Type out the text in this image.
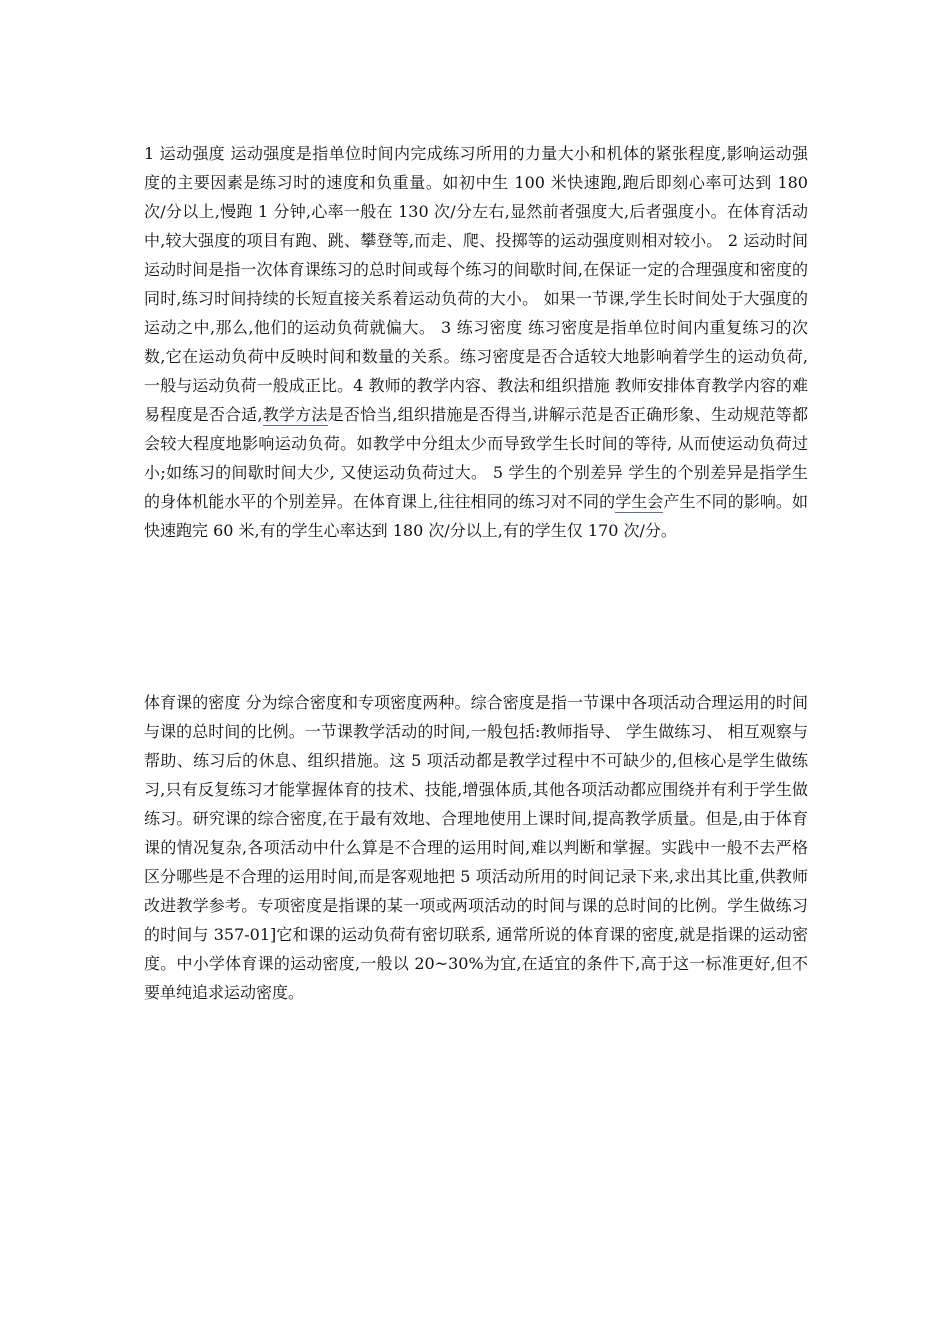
1 运动强度 运动强度是指单位时间内完成练习所用的力量大小和机体的紧张程度,影响运动强度的主要因素是练习时的速度和负重量。如初中生 100 米快速跑,跑后即刻心率可达到 180 次/分以上,慢跑 1 分钟,心率一般在 130 次/分左右,显然前者强度大,后者强度小。在体育活动中,较大强度的项目有跑、跳、攀登等,而走、爬、投掷等的运动强度则相对较小。 2 运动时间 运动时间是指一次体育课练习的总时间或每个练习的间歇时间,在保证一定的合理强度和密度的同时,练习时间持续的长短直接关系着运动负荷的大小。 如果一节课,学生长时间处于大强度的运动之中,那么,他们的运动负荷就偏大。 3 练习密度 练习密度是指单位时间内重复练习的次数,它在运动负荷中反映时间和数量的关系。练习密度是否合适较大地影响着学生的运动负荷,一般与运动负荷一般成正比。4 教师的教学内容、教法和组织措施 教师安排体育教学内容的难易程度是否合适,教学方法是否恰当,组织措施是否得当,讲解示范是否正确形象、生动规范等都会较大程度地影响运动负荷。如教学中分组太少而导致学生长时间的等待, 从而使运动负荷过小;如练习的间歇时间大少, 又使运动负荷过大。 5 学生的个别差异 学生的个别差异是指学生的身体机能水平的个别差异。在体育课上,往往相同的练习对不同的学生会产生不同的影响。如快速跑完 60 米,有的学生心率达到 180 次/分以上,有的学生仅 170 次/分。

体育课的密度 分为综合密度和专项密度两种。综合密度是指一节课中各项活动合理运用的时间与课的总时间的比例。一节课教学活动的时间,一般包括:教师指导、 学生做练习、 相互观察与帮助、练习后的休息、组织措施。这 5 项活动都是教学过程中不可缺少的,但核心是学生做练习,只有反复练习才能掌握体育的技术、技能,增强体质,其他各项活动都应围绕并有利于学生做练习。研究课的综合密度,在于最有效地、合理地使用上课时间,提高教学质量。但是,由于体育课的情况复杂,各项活动中什么算是不合理的运用时间,难以判断和掌握。实践中一般不去严格区分哪些是不合理的运用时间,而是客观地把 5 项活动所用的时间记录下来,求出其比重,供教师改进教学参考。专项密度是指课的某一项或两项活动的时间与课的总时间的比例。学生做练习的时间与 357-01]它和课的运动负荷有密切联系, 通常所说的体育课的密度,就是指课的运动密度。中小学体育课的运动密度,一般以 20~30%为宜,在适宜的条件下,高于这一标准更好,但不要单纯追求运动密度。
